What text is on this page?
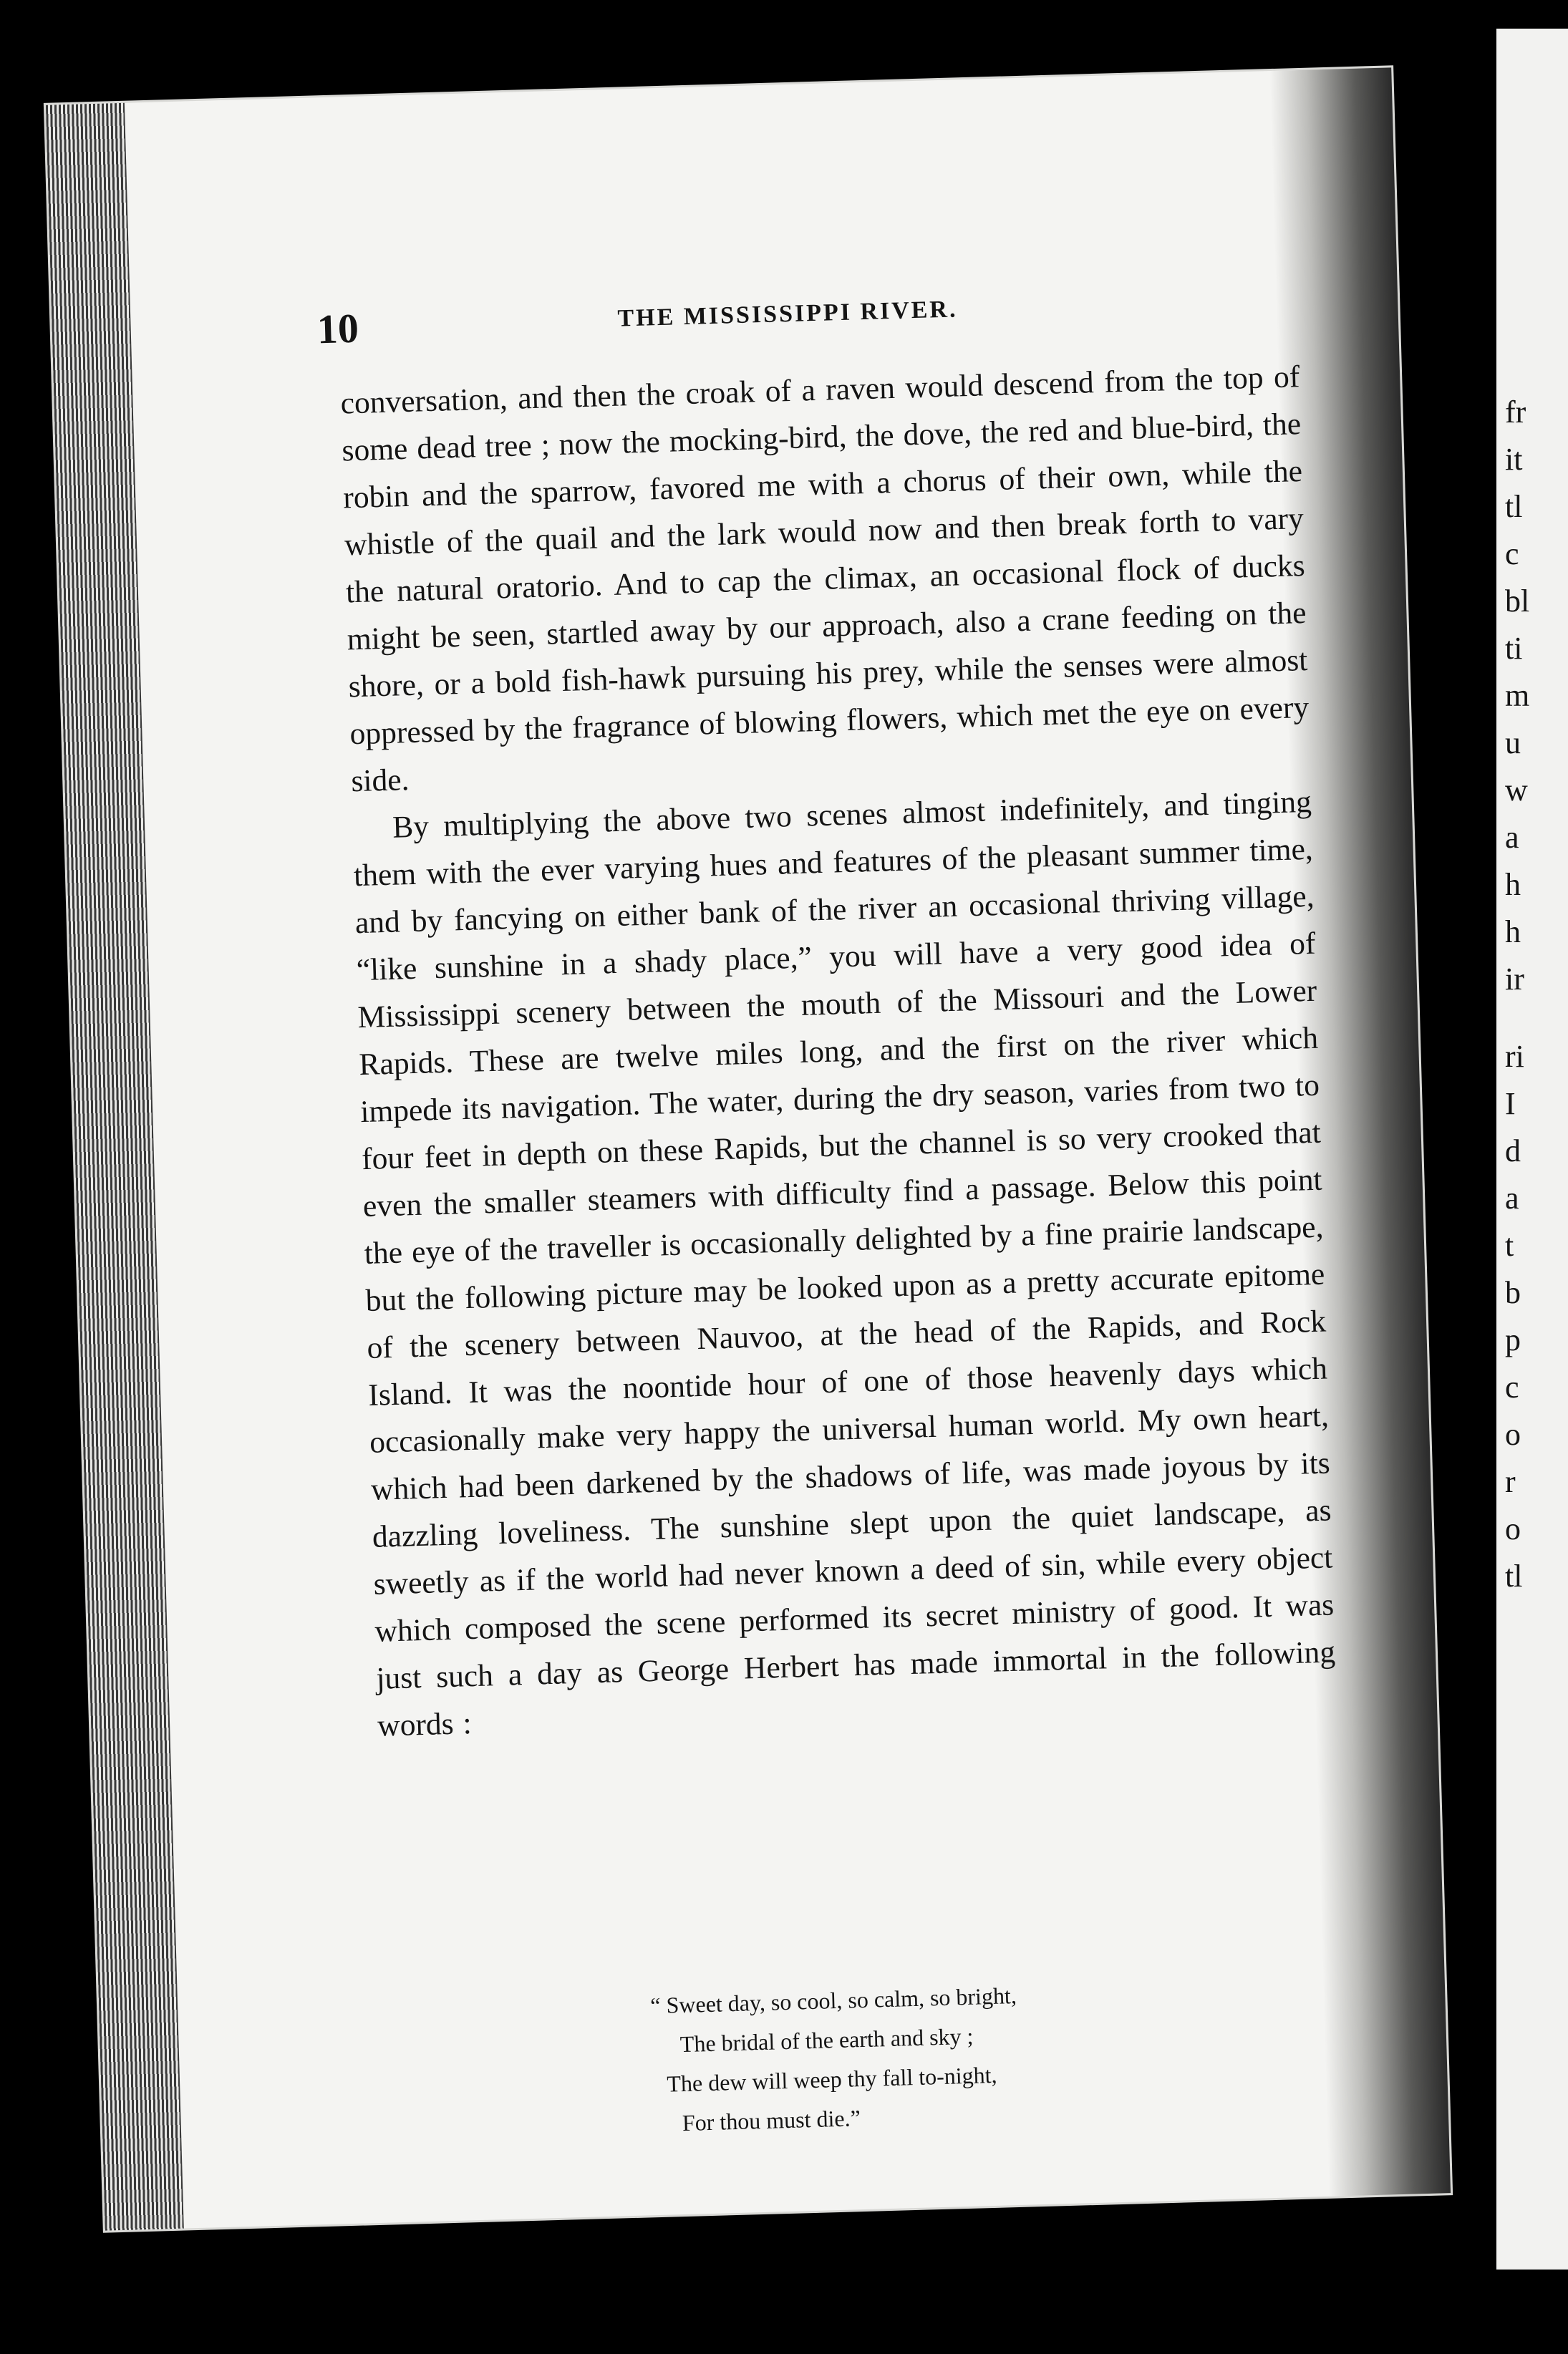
10	THE MISSISSIPPI RIVER.

conversation, and then the croak of a raven would descend from the top of some dead tree ; now the mocking-bird, the dove, the red and blue-bird, the robin and the sparrow, favored me with a chorus of their own, while the whistle of the quail and the lark would now and then break forth to vary the natural oratorio. And to cap the climax, an occasional flock of ducks might be seen, startled away by our approach, also a crane feeding on the shore, or a bold fish-hawk pursuing his prey, while the senses were almost oppressed by the fragrance of blowing flowers, which met the eye on every side.

By multiplying the above two scenes almost indefinitely, and tinging them with the ever varying hues and features of the pleasant summer time, and by fancying on either bank of the river an occasional thriving village, “like sunshine in a shady place,” you will have a very good idea of Mississippi scenery between the mouth of the Missouri and the Lower Rapids. These are twelve miles long, and the first on the river which impede its navigation. The water, during the dry season, varies from two to four feet in depth on these Rapids, but the channel is so very crooked that even the smaller steamers with difficulty find a passage. Below this point the eye of the traveller is occasionally delighted by a fine prairie landscape, but the following picture may be looked upon as a pretty accurate epitome of the scenery between Nauvoo, at the head of the Rapids, and Rock Island. It was the noontide hour of one of those heavenly days which occasionally make very happy the universal human world. My own heart, which had been darkened by the shadows of life, was made joyous by its dazzling loveliness. The sunshine slept upon the quiet landscape, as sweetly as if the world had never known a deed of sin, while every object which composed the scene performed its secret ministry of good. It was just such a day as George Herbert has made immortal in the following words :

“ Sweet day, so cool, so calm, so bright,
The bridal of the earth and sky ;
The dew will weep thy fall to-night,
For thou must die.”
fr
it
tl
c
bl
ti
m
u
w
a
h
h
ir
ri
I
d
a
t
b
p
c
o
r
o
tl
